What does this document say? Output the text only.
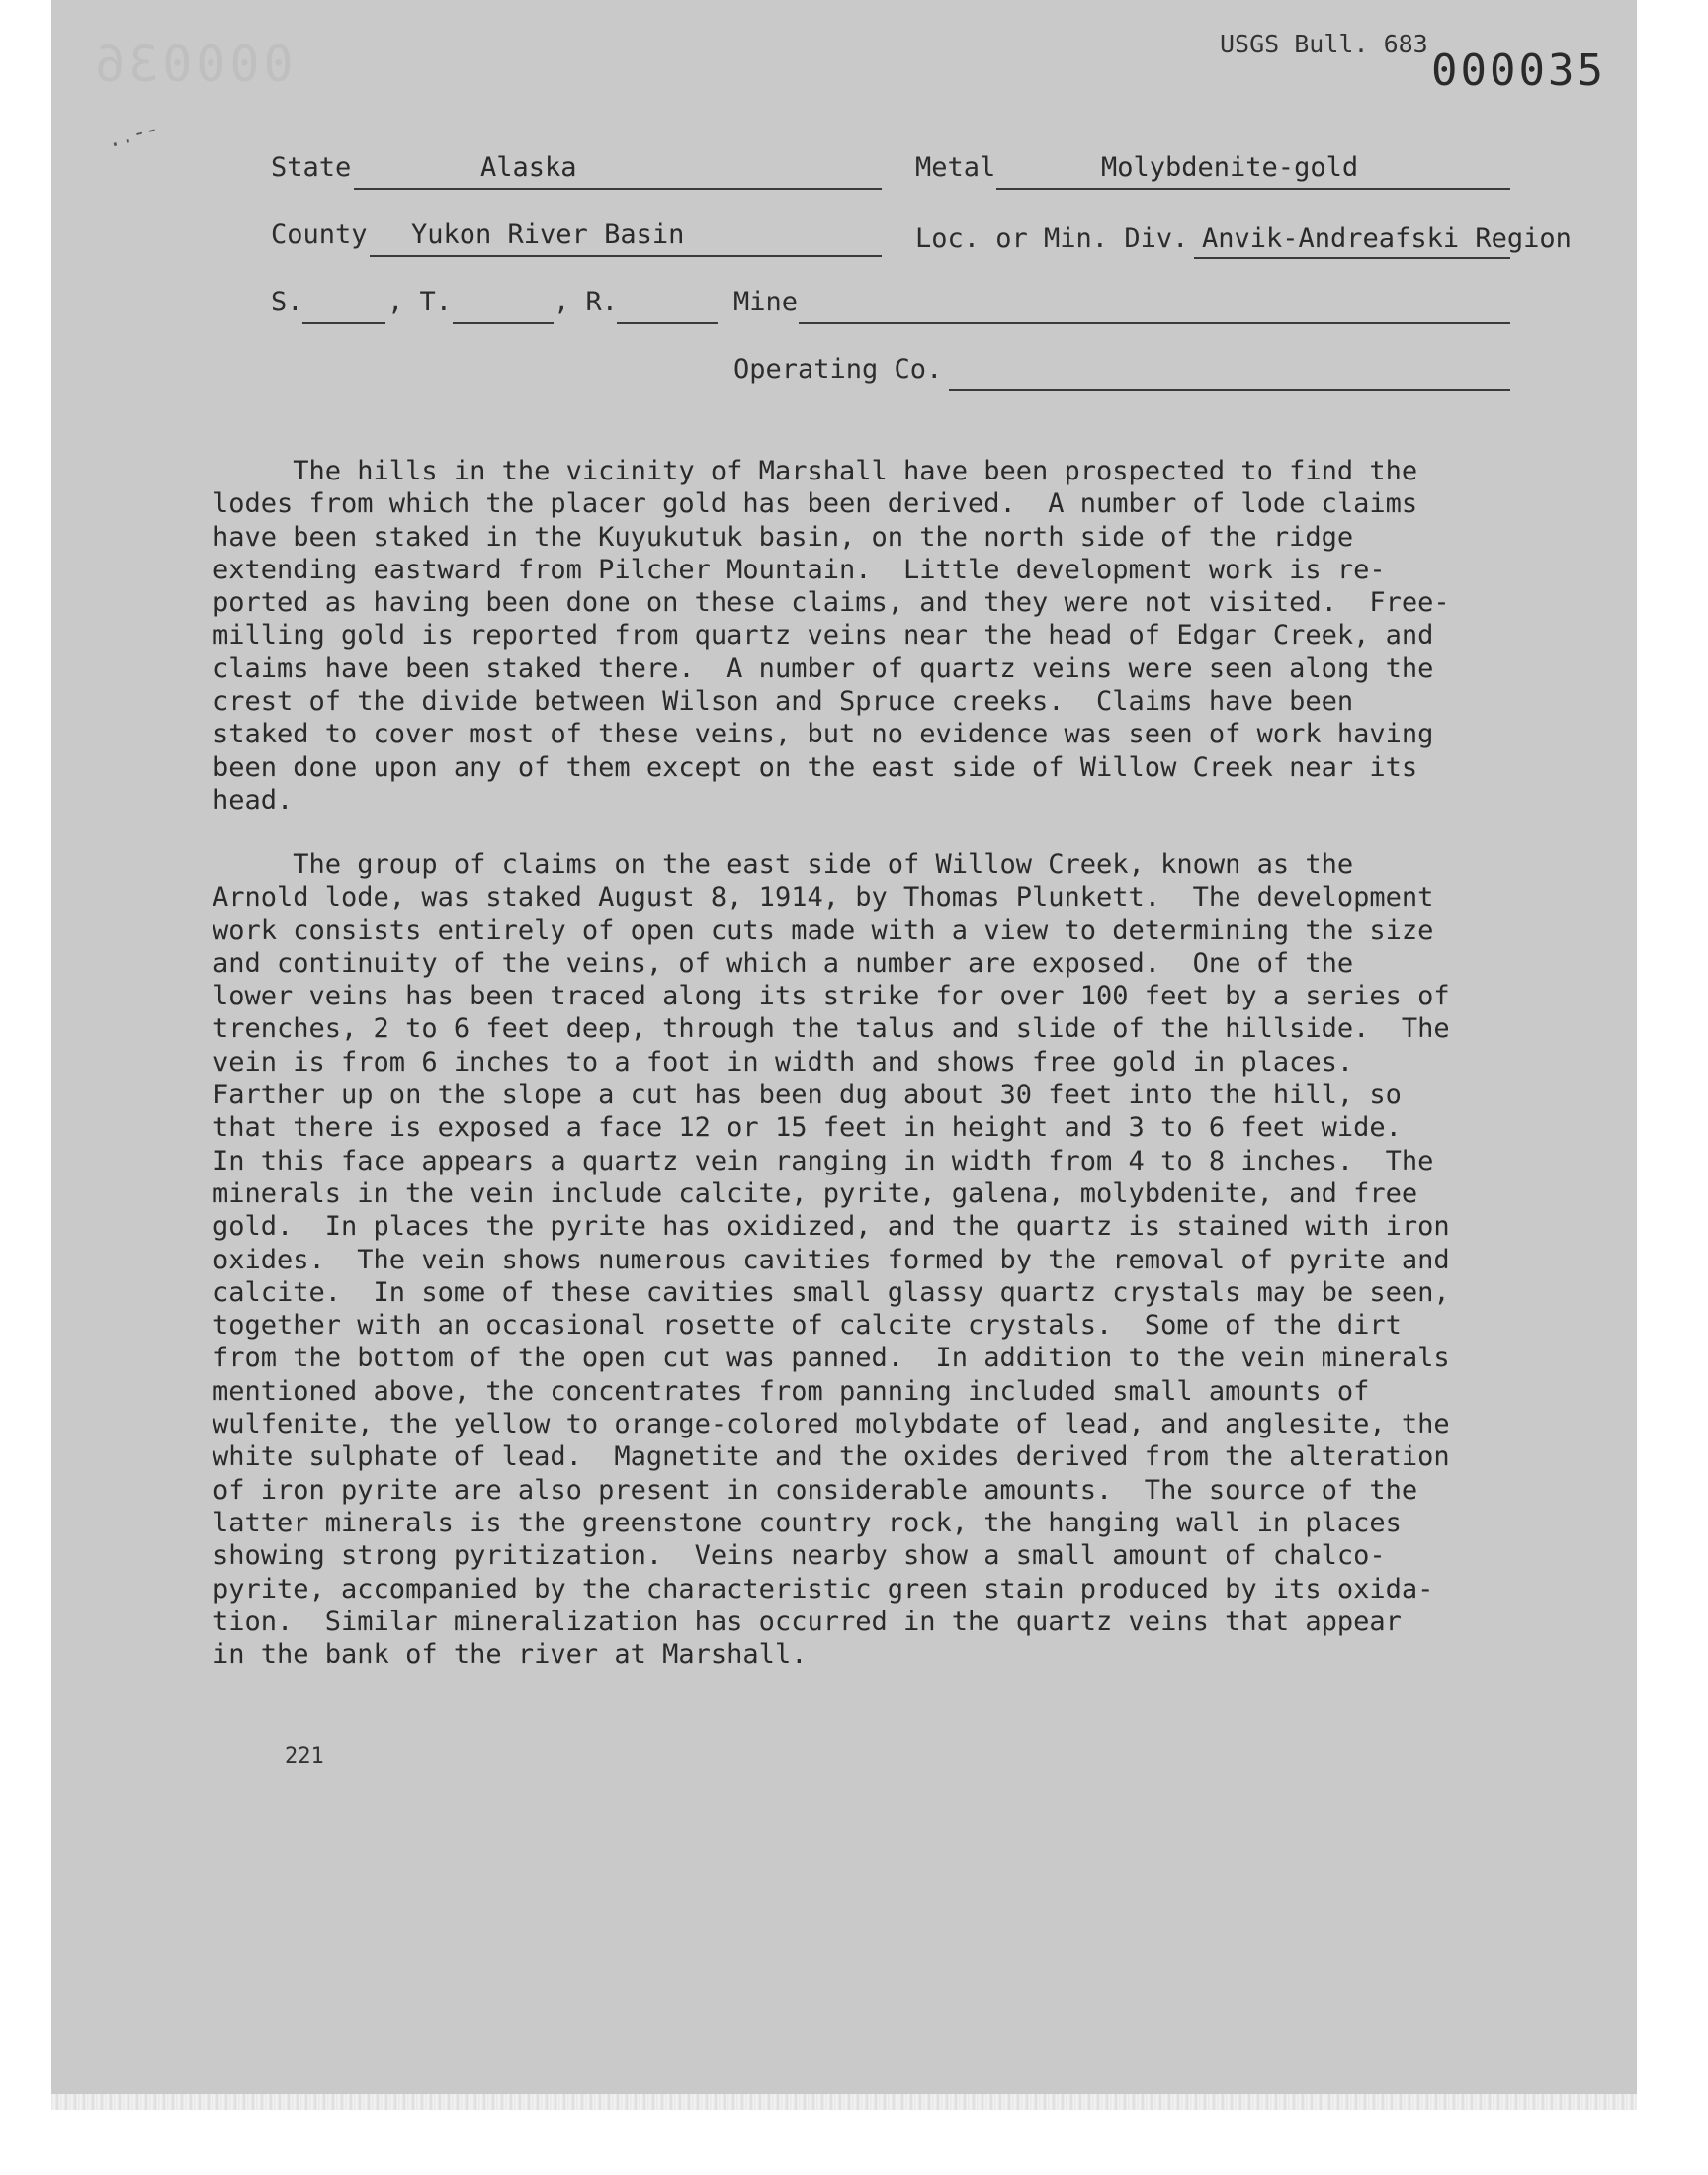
000036	USGS Bull. 683
000035
..--
State	Alaska	Metal	Molybdenite-gold
County Yukon River Basin	Loc. or Min. Div. Anvik-Andreafski Region
S.	, T.	, R.	Mine
Operating Co.
The hills in the vicinity of Marshall have been prospected to find the
lodes from which the placer gold has been derived.  A number of lode claims
have been staked in the Kuyukutuk basin, on the north side of the ridge
extending eastward from Pilcher Mountain.  Little development work is re-
ported as having been done on these claims, and they were not visited.  Free-
milling gold is reported from quartz veins near the head of Edgar Creek, and
claims have been staked there.  A number of quartz veins were seen along the
crest of the divide between Wilson and Spruce creeks.  Claims have been
staked to cover most of these veins, but no evidence was seen of work having
been done upon any of them except on the east side of Willow Creek near its
head.
The group of claims on the east side of Willow Creek, known as the
Arnold lode, was staked August 8, 1914, by Thomas Plunkett.  The development
work consists entirely of open cuts made with a view to determining the size
and continuity of the veins, of which a number are exposed.  One of the
lower veins has been traced along its strike for over 100 feet by a series of
trenches, 2 to 6 feet deep, through the talus and slide of the hillside.  The
vein is from 6 inches to a foot in width and shows free gold in places.
Farther up on the slope a cut has been dug about 30 feet into the hill, so
that there is exposed a face 12 or 15 feet in height and 3 to 6 feet wide.
In this face appears a quartz vein ranging in width from 4 to 8 inches.  The
minerals in the vein include calcite, pyrite, galena, molybdenite, and free
gold.  In places the pyrite has oxidized, and the quartz is stained with iron
oxides.  The vein shows numerous cavities formed by the removal of pyrite and
calcite.  In some of these cavities small glassy quartz crystals may be seen,
together with an occasional rosette of calcite crystals.  Some of the dirt
from the bottom of the open cut was panned.  In addition to the vein minerals
mentioned above, the concentrates from panning included small amounts of
wulfenite, the yellow to orange-colored molybdate of lead, and anglesite, the
white sulphate of lead.  Magnetite and the oxides derived from the alteration
of iron pyrite are also present in considerable amounts.  The source of the
latter minerals is the greenstone country rock, the hanging wall in places
showing strong pyritization.  Veins nearby show a small amount of chalco-
pyrite, accompanied by the characteristic green stain produced by its oxida-
tion.  Similar mineralization has occurred in the quartz veins that appear
in the bank of the river at Marshall.
221
